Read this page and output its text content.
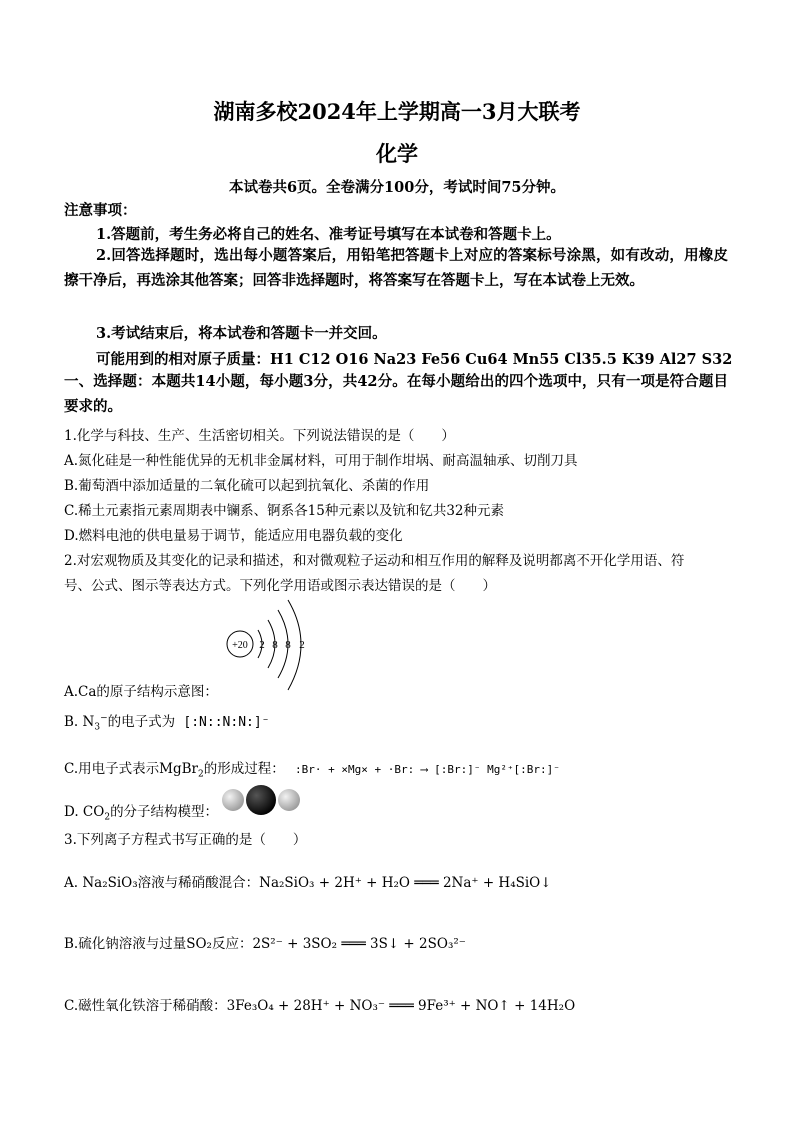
湖南多校2024年上学期高一3月大联考
化学
本试卷共6页。全卷满分100分，考试时间75分钟。
注意事项：
1.答题前，考生务必将自己的姓名、准考证号填写在本试卷和答题卡上。
2.回答选择题时，选出每小题答案后，用铅笔把答题卡上对应的答案标号涂黑，如有改动，用橡皮擦干净后，再选涂其他答案；回答非选择题时，将答案写在答题卡上，写在本试卷上无效。
3.考试结束后，将本试卷和答题卡一并交回。
可能用到的相对原子质量：H1 C12 O16 Na23 Fe56 Cu64 Mn55 Cl35.5 K39 Al27 S32
一、选择题：本题共14小题，每小题3分，共42分。在每小题给出的四个选项中，只有一项是符合题目要求的。
1.化学与科技、生产、生活密切相关。下列说法错误的是（　　）
A.氮化硅是一种性能优异的无机非金属材料，可用于制作坩埚、耐高温轴承、切削刀具
B.葡萄酒中添加适量的二氧化硫可以起到抗氧化、杀菌的作用
C.稀土元素指元素周期表中镧系、锕系各15种元素以及钪和钇共32种元素
D.燃料电池的供电量易于调节，能适应用电器负载的变化
2.对宏观物质及其变化的记录和描述，和对微观粒子运动和相互作用的解释及说明都离不开化学用语、符
号、公式、图示等表达方式。下列化学用语或图示表达错误的是（　　）
+20 2 8 8 2
A.Ca的原子结构示意图：
B. $N_3^-$的电子式为 [:N::N:N:]⁻
C.用电子式表示MgBr$_2$的形成过程： :Br· + ×Mg× + ·Br: ⟶ [:Br:]⁻ Mg²⁺[:Br:]⁻
D. $CO_2$的分子结构模型：
3.下列离子方程式书写正确的是（　　）
A. Na₂SiO₃溶液与稀硝酸混合：Na₂SiO₃ + 2H⁺ + H₂O ═══ 2Na⁺ + H₄SiO↓
B.硫化钠溶液与过量SO₂反应：2S²⁻ + 3SO₂ ═══ 3S↓ + 2SO₃²⁻
C.磁性氧化铁溶于稀硝酸：3Fe₃O₄ + 28H⁺ + NO₃⁻ ═══ 9Fe³⁺ + NO↑ + 14H₂O
